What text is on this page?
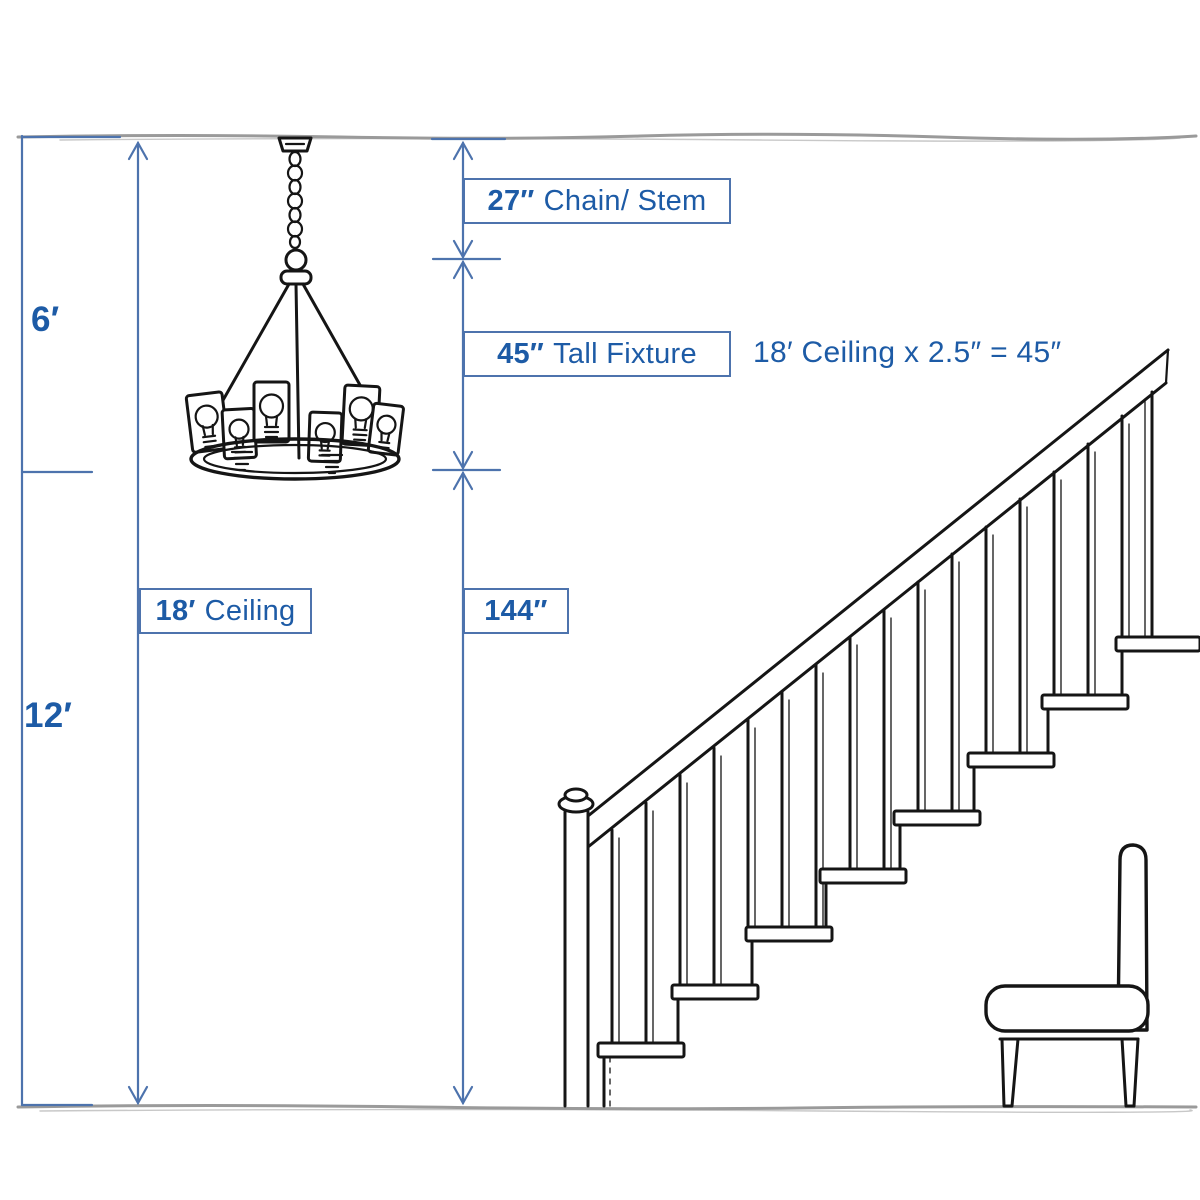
27″ Chain/ Stem
45″ Tall Fixture
18′ Ceiling	144″
18′ Ceiling x 2.5″ = 45″
6′
12′
